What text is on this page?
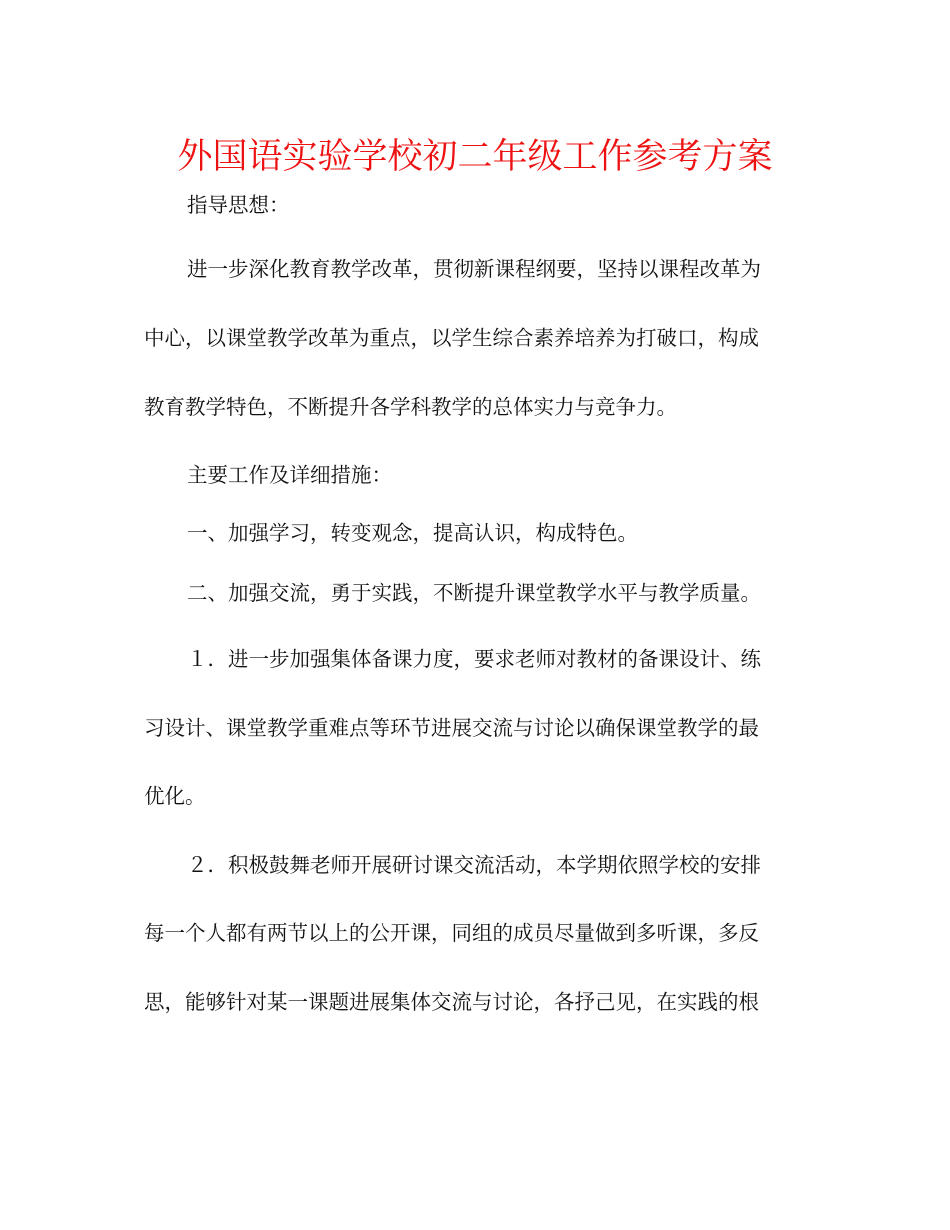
外国语实验学校初二年级工作参考方案
指导思想：
进一步深化教育教学改革，贯彻新课程纲要，坚持以课程改革为
中心，以课堂教学改革为重点，以学生综合素养培养为打破口，构成
教育教学特色，不断提升各学科教学的总体实力与竞争力。
主要工作及详细措施：
一、加强学习，转变观念，提高认识，构成特色。
二、加强交流，勇于实践，不断提升课堂教学水平与教学质量。
１．进一步加强集体备课力度，要求老师对教材的备课设计、练
习设计、课堂教学重难点等环节进展交流与讨论以确保课堂教学的最
优化。
２．积极鼓舞老师开展研讨课交流活动，本学期依照学校的安排
每一个人都有两节以上的公开课，同组的成员尽量做到多听课，多反
思，能够针对某一课题进展集体交流与讨论，各抒己见，在实践的根
